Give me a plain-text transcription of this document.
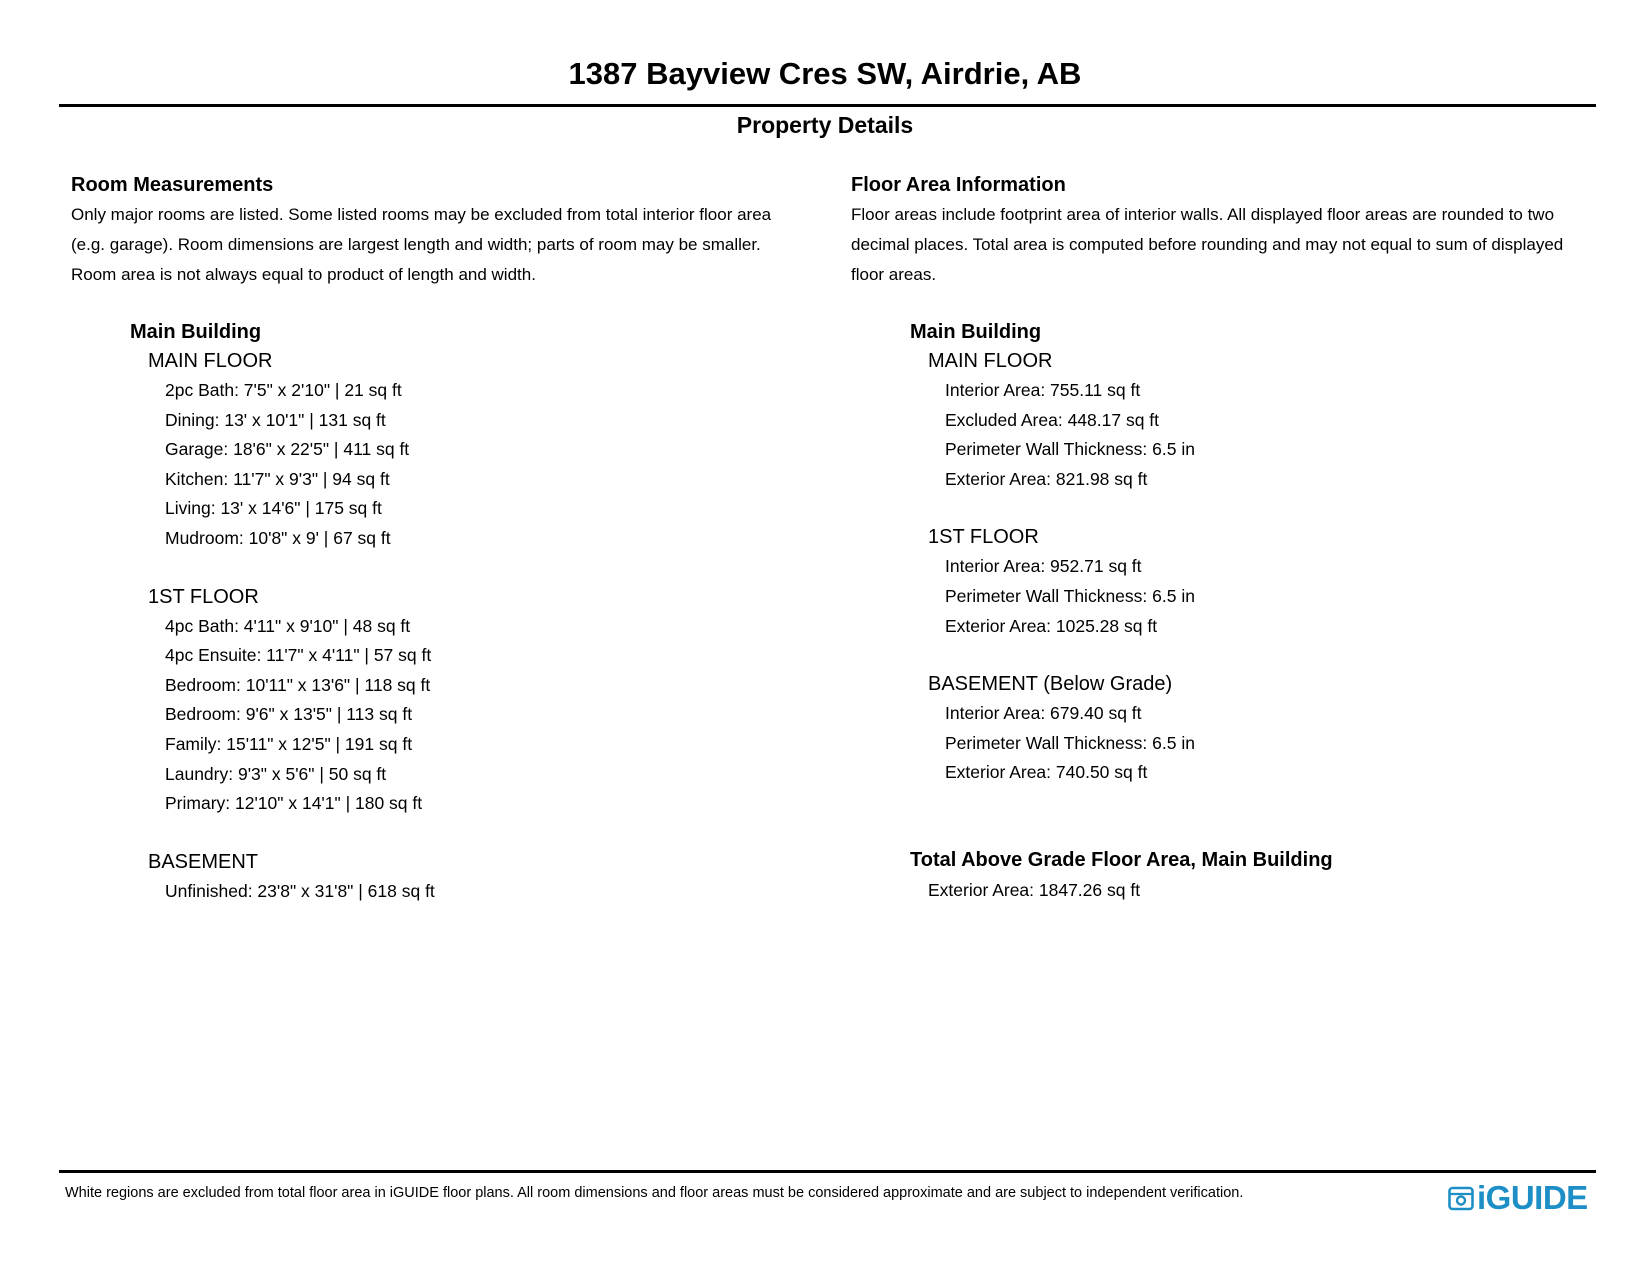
1387 Bayview Cres SW, Airdrie, AB
Property Details
Room Measurements
Only major rooms are listed. Some listed rooms may be excluded from total interior floor area
(e.g. garage). Room dimensions are largest length and width; parts of room may be smaller.
Room area is not always equal to product of length and width.
Main Building
MAIN FLOOR
2pc Bath: 7'5" x 2'10" | 21 sq ft
Dining: 13' x 10'1" | 131 sq ft
Garage: 18'6" x 22'5" | 411 sq ft
Kitchen: 11'7" x 9'3" | 94 sq ft
Living: 13' x 14'6" | 175 sq ft
Mudroom: 10'8" x 9' | 67 sq ft
1ST FLOOR
4pc Bath: 4'11" x 9'10" | 48 sq ft
4pc Ensuite: 11'7" x 4'11" | 57 sq ft
Bedroom: 10'11" x 13'6" | 118 sq ft
Bedroom: 9'6" x 13'5" | 113 sq ft
Family: 15'11" x 12'5" | 191 sq ft
Laundry: 9'3" x 5'6" | 50 sq ft
Primary: 12'10" x 14'1" | 180 sq ft
BASEMENT
Unfinished: 23'8" x 31'8" | 618 sq ft
Floor Area Information
Floor areas include footprint area of interior walls. All displayed floor areas are rounded to two
decimal places. Total area is computed before rounding and may not equal to sum of displayed
floor areas.
Main Building
MAIN FLOOR
Interior Area: 755.11 sq ft
Excluded Area: 448.17 sq ft
Perimeter Wall Thickness: 6.5 in
Exterior Area: 821.98 sq ft
1ST FLOOR
Interior Area: 952.71 sq ft
Perimeter Wall Thickness: 6.5 in
Exterior Area: 1025.28 sq ft
BASEMENT (Below Grade)
Interior Area: 679.40 sq ft
Perimeter Wall Thickness: 6.5 in
Exterior Area: 740.50 sq ft
Total Above Grade Floor Area, Main Building
Exterior Area: 1847.26 sq ft

White regions are excluded from total floor area in iGUIDE floor plans. All room dimensions and floor areas must be considered approximate and are subject to independent verification.	iGUIDE
